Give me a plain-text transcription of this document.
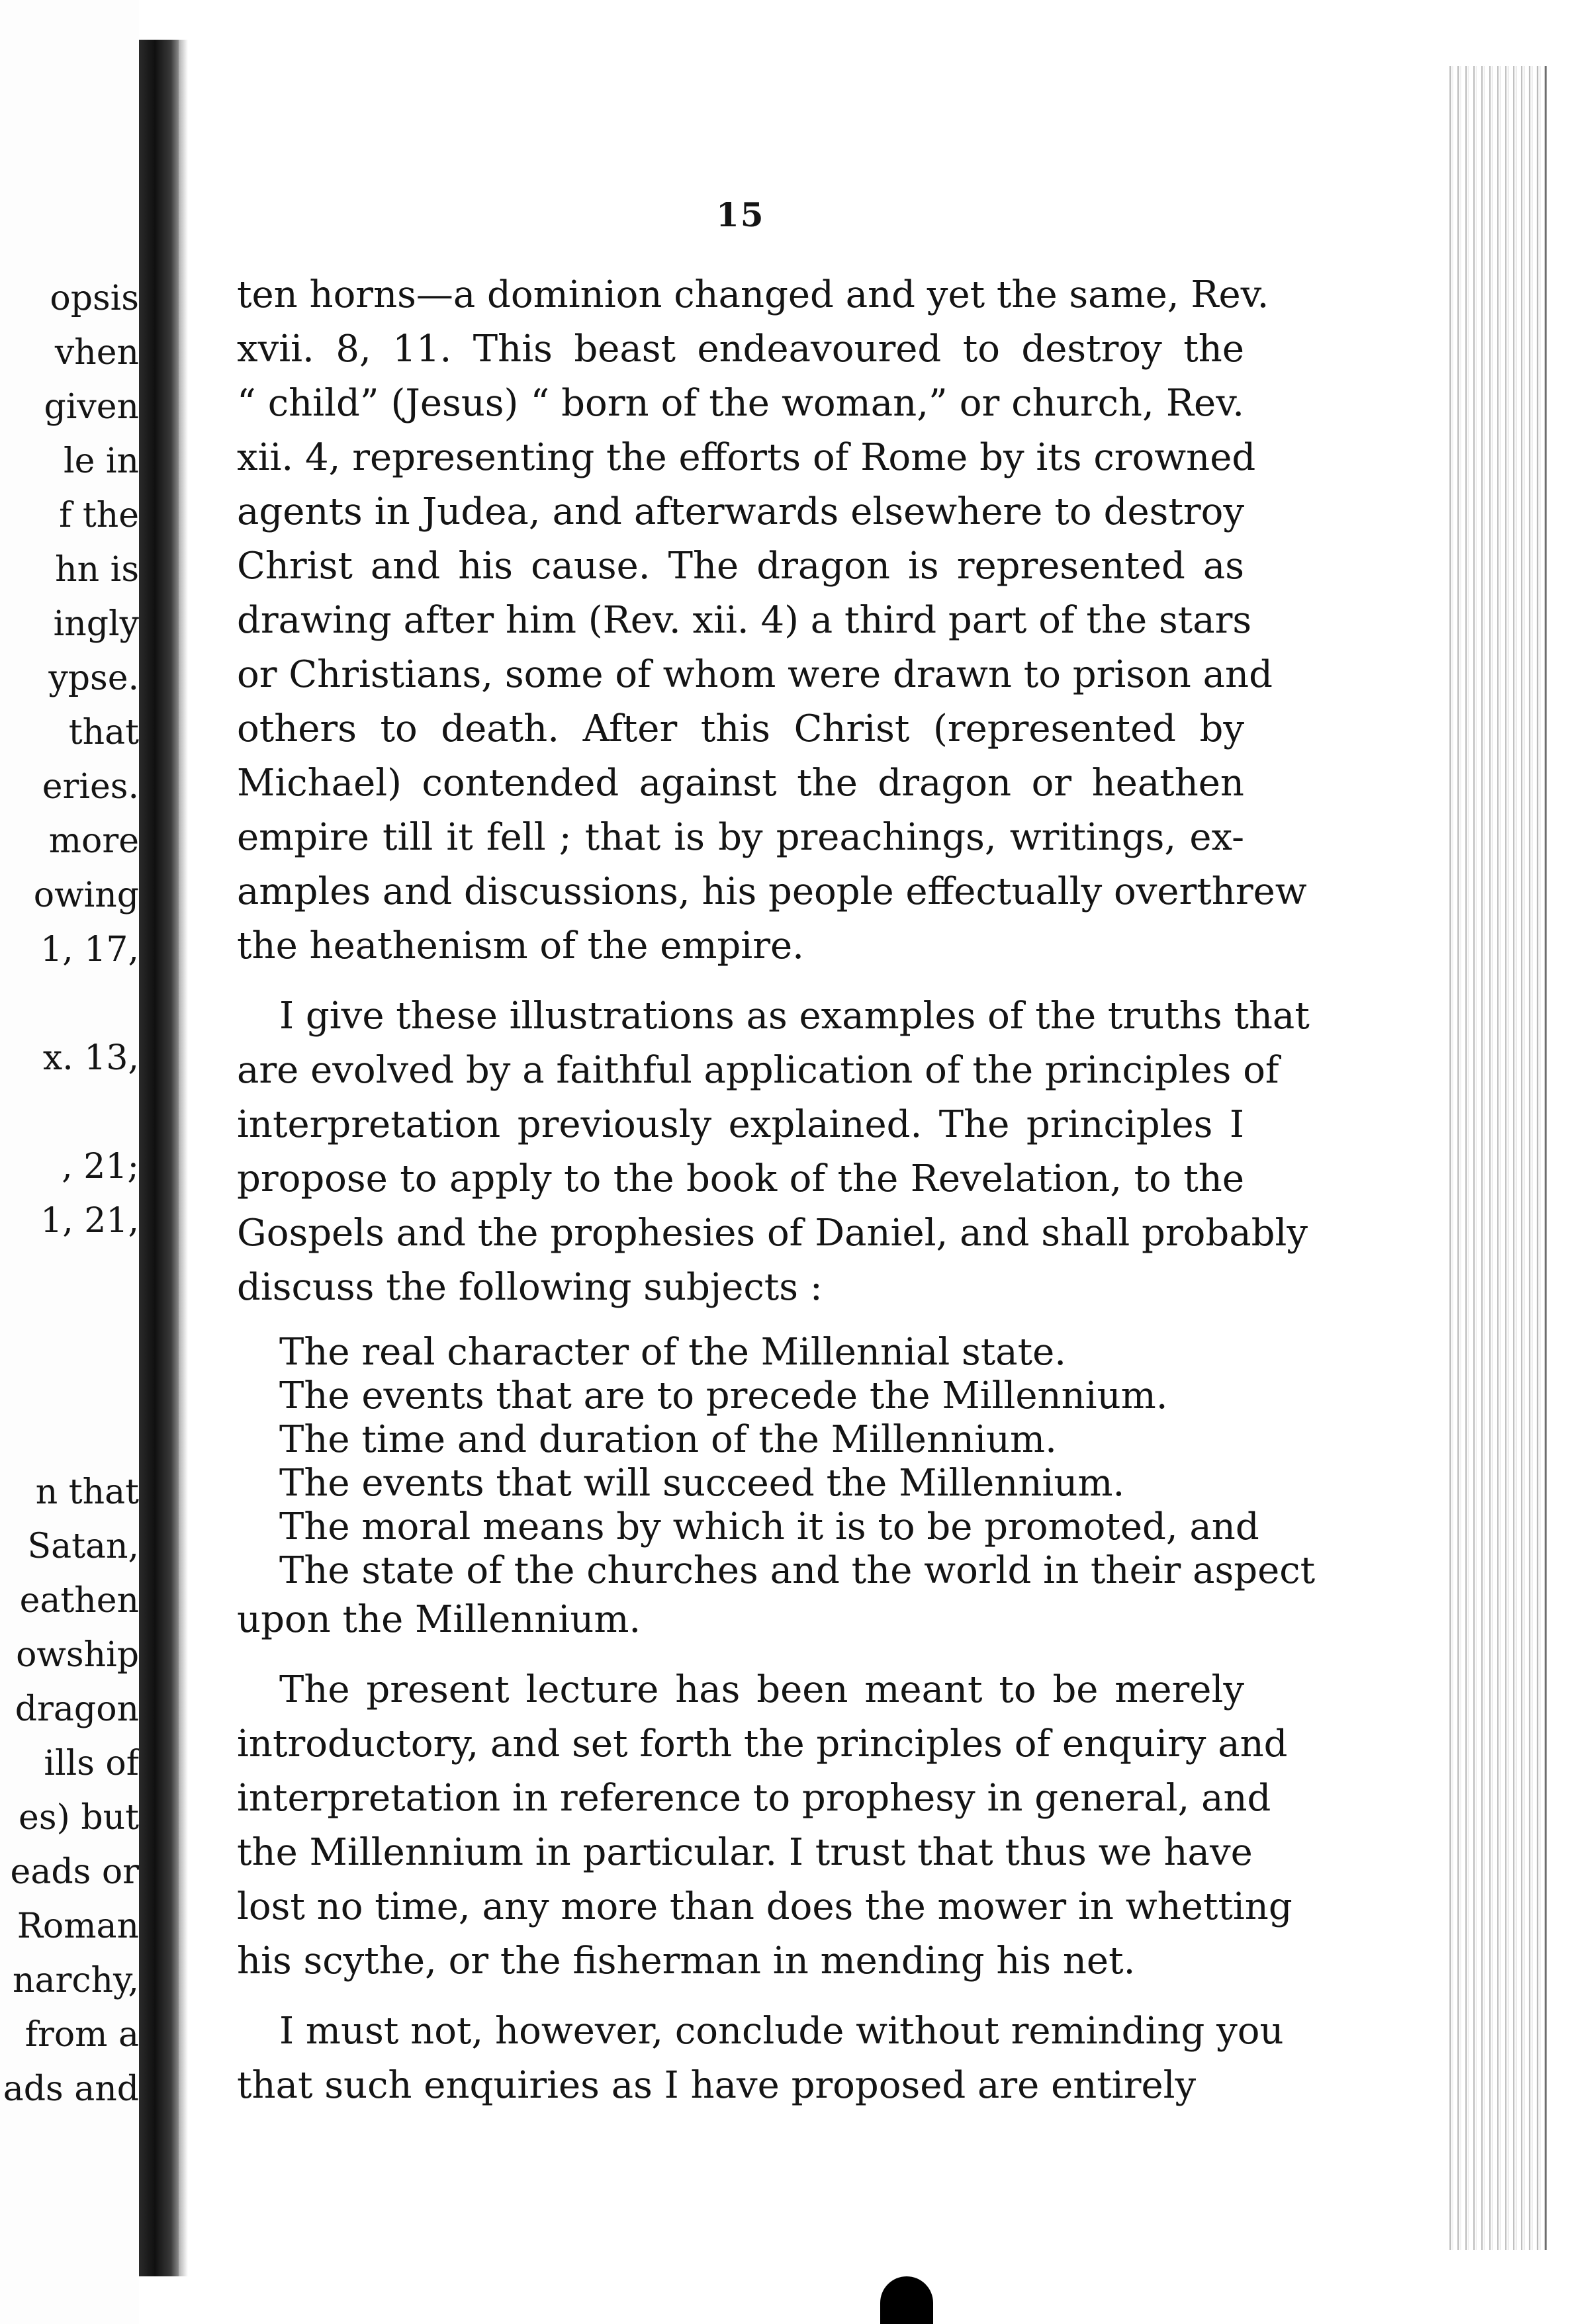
opsis
vhen
given
le in
f the
hn is
ingly
ypse.
that
eries.
more
owing
1, 17,
x. 13,
, 21;
1, 21,
n that
Satan,
eathen
owship
dragon
ills of
es) but
eads or
Roman
narchy,
from a
ads and
15
ten horns—a dominion changed and yet the same, Rev.
xvii. 8, 11. This beast endeavoured to destroy the
“ child” (Jesus) “ born of the woman,” or church, Rev.
xii. 4, representing the efforts of Rome by its crowned
agents in Judea, and afterwards elsewhere to destroy
Christ and his cause. The dragon is represented as
drawing after him (Rev. xii. 4) a third part of the stars
or Christians, some of whom were drawn to prison and
others to death. After this Christ (represented by
Michael) contended against the dragon or heathen
empire till it fell ; that is by preachings, writings, ex-
amples and discussions, his people effectually overthrew
the heathenism of the empire.
I give these illustrations as examples of the truths that
are evolved by a faithful application of the principles of
interpretation previously explained. The principles I
propose to apply to the book of the Revelation, to the
Gospels and the prophesies of Daniel, and shall probably
discuss the following subjects :
The real character of the Millennial state.
The events that are to precede the Millennium.
The time and duration of the Millennium.
The events that will succeed the Millennium.
The moral means by which it is to be promoted, and
The state of the churches and the world in their aspect
upon the Millennium.
The present lecture has been meant to be merely
introductory, and set forth the principles of enquiry and
interpretation in reference to prophesy in general, and
the Millennium in particular. I trust that thus we have
lost no time, any more than does the mower in whetting
his scythe, or the fisherman in mending his net.
I must not, however, conclude without reminding you
that such enquiries as I have proposed are entirely
